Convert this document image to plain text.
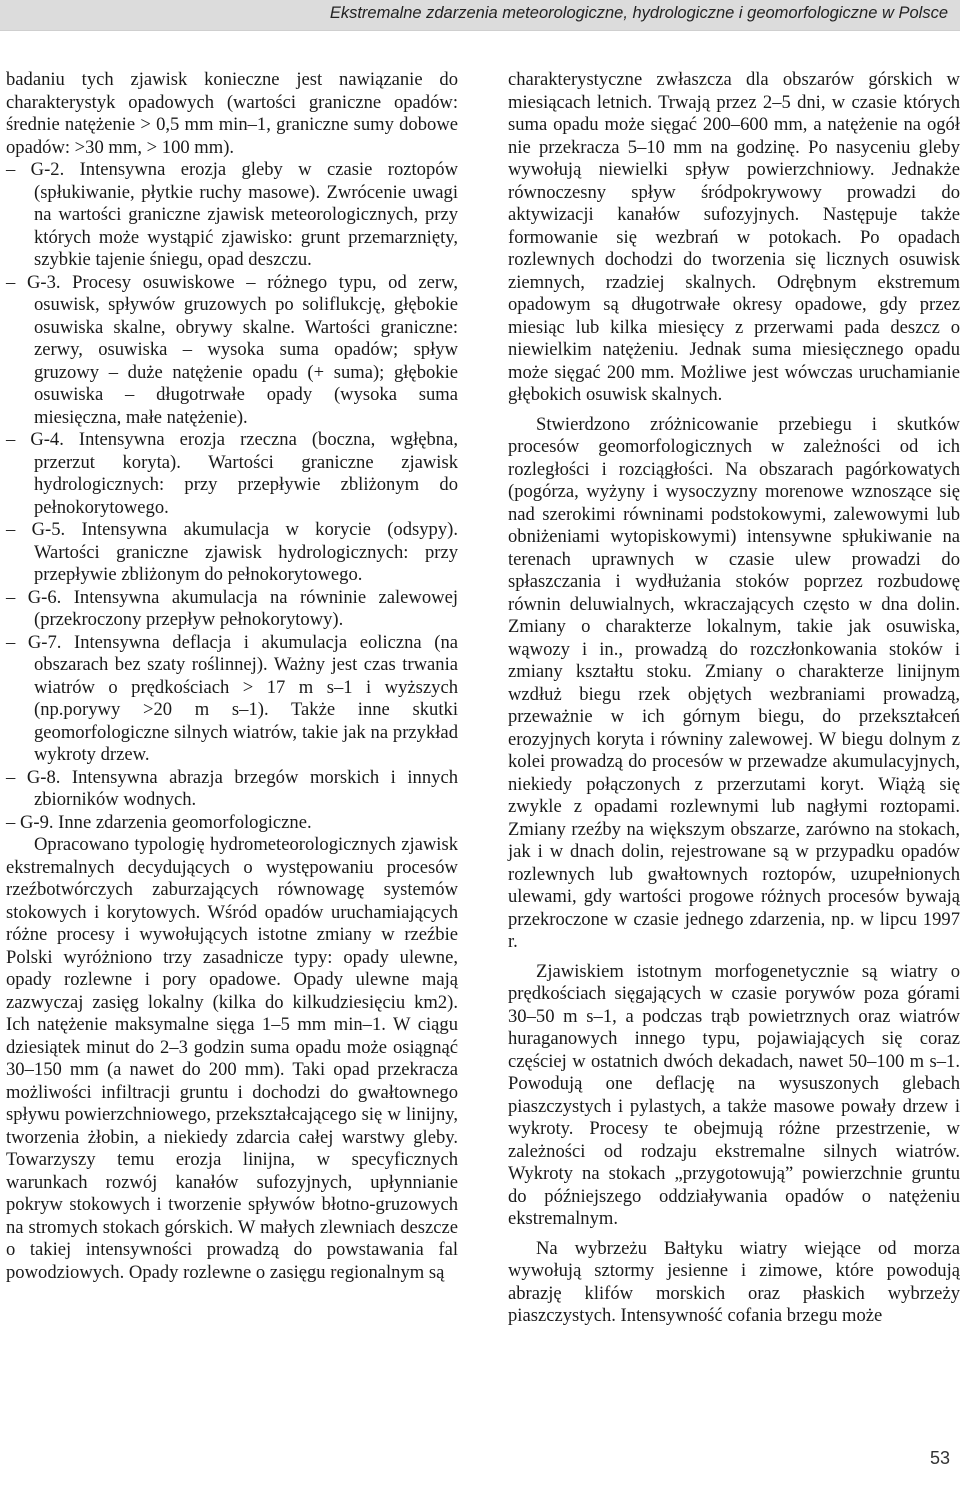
Ekstremalne zdarzenia meteorologiczne, hydrologiczne i geomorfologiczne w Polsce

badaniu tych zjawisk konieczne jest nawiązanie do charakterystyk opadowych (wartości graniczne opadów: średnie natężenie > 0,5 mm min–1, graniczne sumy dobowe opadów: >30 mm, > 100 mm).

– G-2. Intensywna erozja gleby w czasie roztopów (spłukiwanie, płytkie ruchy masowe). Zwrócenie uwagi na wartości graniczne zjawisk meteorologicznych, przy których może wystąpić zjawisko: grunt przemarznięty, szybkie tajenie śniegu, opad deszczu.

– G-3. Procesy osuwiskowe – różnego typu, od zerw, osuwisk, spływów gruzowych po soliflukcję, głębokie osuwiska skalne, obrywy skalne. Wartości graniczne: zerwy, osuwiska – wysoka suma opadów; spływ gruzowy – duże natężenie opadu (+ suma); głębokie osuwiska – długotrwałe opady (wysoka suma miesięczna, małe natężenie).

– G-4. Intensywna erozja rzeczna (boczna, wgłębna, przerzut koryta). Wartości graniczne zjawisk hydrologicznych: przy przepływie zbliżonym do pełnokorytowego.

– G-5. Intensywna akumulacja w korycie (odsypy). Wartości graniczne zjawisk hydrologicznych: przy przepływie zbliżonym do pełnokorytowego.

– G-6. Intensywna akumulacja na równinie zalewowej (przekroczony przepływ pełnokorytowy).

– G-7. Intensywna deflacja i akumulacja eoliczna (na obszarach bez szaty roślinnej). Ważny jest czas trwania wiatrów o prędkościach > 17 m s–1 i wyższych (np.porywy >20 m s–1). Także inne skutki geomorfologiczne silnych wiatrów, takie jak na przykład wykroty drzew.

– G-8. Intensywna abrazja brzegów morskich i innych zbiorników wodnych.

– G-9. Inne zdarzenia geomorfologiczne.

Opracowano typologię hydrometeorologicznych zjawisk ekstremalnych decydujących o występowaniu procesów rzeźbotwórczych zaburzających równowagę systemów stokowych i korytowych. Wśród opadów uruchamiających różne procesy i wywołujących istotne zmiany w rzeźbie Polski wyróżniono trzy zasadnicze typy: opady ulewne, opady rozlewne i pory opadowe. Opady ulewne mają zazwyczaj zasięg lokalny (kilka do kilkudziesięciu km2). Ich natężenie maksymalne sięga 1–5 mm min–1. W ciągu dziesiątek minut do 2–3 godzin suma opadu może osiągnąć 30–150 mm (a nawet do 200 mm). Taki opad przekracza możliwości infiltracji gruntu i dochodzi do gwałtownego spływu powierzchniowego, przekształcającego się w linijny, tworzenia żłobin, a niekiedy zdarcia całej warstwy gleby. Towarzyszy temu erozja linijna, w specyficznych warunkach rozwój kanałów sufozyjnych, upłynnianie pokryw stokowych i tworzenie spływów błotno-gruzowych na stromych stokach górskich. W małych zlewniach deszcze o takiej intensywności prowadzą do powstawania fal powodziowych. Opady rozlewne o zasięgu regionalnym są

charakterystyczne zwłaszcza dla obszarów górskich w miesiącach letnich. Trwają przez 2–5 dni, w czasie których suma opadu może sięgać 200–600 mm, a natężenie na ogół nie przekracza 5–10 mm na godzinę. Po nasyceniu gleby wywołują niewielki spływ powierzchniowy. Jednakże równoczesny spływ śródpokrywowy prowadzi do aktywizacji kanałów sufozyjnych. Następuje także formowanie się wezbrań w potokach. Po opadach rozlewnych dochodzi do tworzenia się licznych osuwisk ziemnych, rzadziej skalnych. Odrębnym ekstremum opadowym są długotrwałe okresy opadowe, gdy przez miesiąc lub kilka miesięcy z przerwami pada deszcz o niewielkim natężeniu. Jednak suma miesięcznego opadu może sięgać 200 mm. Możliwe jest wówczas uruchamianie głębokich osuwisk skalnych.

Stwierdzono zróżnicowanie przebiegu i skutków procesów geomorfologicznych w zależności od ich rozległości i rozciągłości. Na obszarach pagórkowatych (pogórza, wyżyny i wysoczyzny morenowe wznoszące się nad szerokimi równinami podstokowymi, zalewowymi lub obniżeniami wytopiskowymi) intensywne spłukiwanie na terenach uprawnych w czasie ulew prowadzi do spłaszczania i wydłużania stoków poprzez rozbudowę równin deluwialnych, wkraczających często w dna dolin. Zmiany o charakterze lokalnym, takie jak osuwiska, wąwozy i in., prowadzą do rozczłonkowania stoków i zmiany kształtu stoku. Zmiany o charakterze linijnym wzdłuż biegu rzek objętych wezbraniami prowadzą, przeważnie w ich górnym biegu, do przekształceń erozyjnych koryta i równiny zalewowej. W biegu dolnym z kolei prowadzą do procesów w przewadze akumulacyjnych, niekiedy połączonych z przerzutami koryt. Wiążą się zwykle z opadami rozlewnymi lub nagłymi roztopami. Zmiany rzeźby na większym obszarze, zarówno na stokach, jak i w dnach dolin, rejestrowane są w przypadku opadów rozlewnych lub gwałtownych roztopów, uzupełnionych ulewami, gdy wartości progowe różnych procesów bywają przekroczone w czasie jednego zdarzenia, np. w lipcu 1997 r.

Zjawiskiem istotnym morfogenetycznie są wiatry o prędkościach sięgających w czasie porywów poza górami 30–50 m s–1, a podczas trąb powietrznych oraz wiatrów huraganowych innego typu, pojawiających się coraz częściej w ostatnich dwóch dekadach, nawet 50–100 m s–1. Powodują one deflację na wysuszonych glebach piaszczystych i pylastych, a także masowe powały drzew i wykroty. Procesy te obejmują różne przestrzenie, w zależności od rodzaju ekstremalne silnych wiatrów. Wykroty na stokach „przygotowują” powierzchnie gruntu do późniejszego oddziaływania opadów o natężeniu ekstremalnym.

Na wybrzeżu Bałtyku wiatry wiejące od morza wywołują sztormy jesienne i zimowe, które powodują abrazję klifów morskich oraz płaskich wybrzeży piaszczystych. Intensywność cofania brzegu może

53
